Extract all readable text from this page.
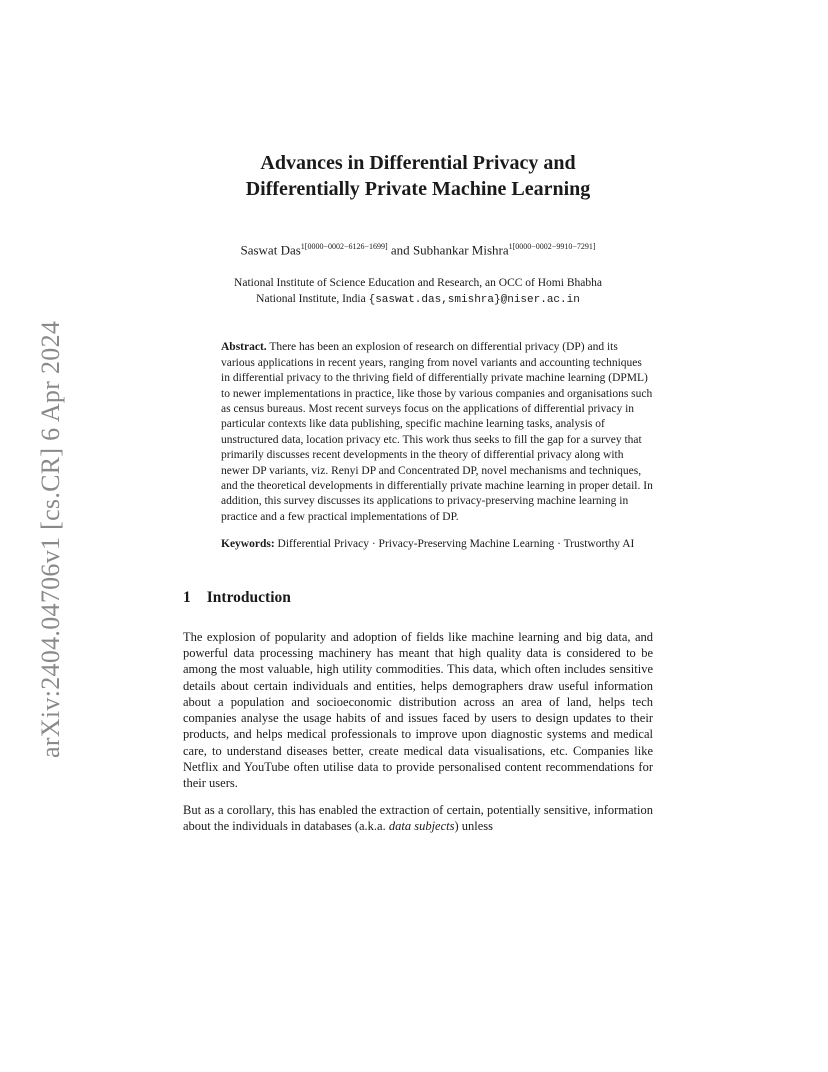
arXiv:2404.04706v1 [cs.CR] 6 Apr 2024
Advances in Differential Privacy and
Differentially Private Machine Learning
Saswat Das$^{1[0000-0002-6126-1699]}$ and Subhankar Mishra$^{1[0000-0002-9910-7291]}$
National Institute of Science Education and Research, an OCC of Homi Bhabha
National Institute, India {saswat.das,smishra}@niser.ac.in
Abstract. There has been an explosion of research on differential privacy (DP) and its various applications in recent years, ranging from novel variants and accounting techniques in differential privacy to the thriving field of differentially private machine learning (DPML) to newer implementations in practice, like those by various companies and organisations such as census bureaus. Most recent surveys focus on the applications of differential privacy in particular contexts like data publishing, specific machine learning tasks, analysis of unstructured data, location privacy etc. This work thus seeks to fill the gap for a survey that primarily discusses recent developments in the theory of differential privacy along with newer DP variants, viz. Renyi DP and Concentrated DP, novel mechanisms and techniques, and the theoretical developments in differentially private machine learning in proper detail. In addition, this survey discusses its applications to privacy-preserving machine learning in practice and a few practical implementations of DP.
Keywords: Differential Privacy · Privacy-Preserving Machine Learning · Trustworthy AI
1 Introduction

The explosion of popularity and adoption of fields like machine learning and big data, and powerful data processing machinery has meant that high quality data is considered to be among the most valuable, high utility commodities. This data, which often includes sensitive details about certain individuals and entities, helps demographers draw useful information about a population and socioeconomic distribution across an area of land, helps tech companies analyse the usage habits of and issues faced by users to design updates to their products, and helps medical professionals to improve upon diagnostic systems and medical care, to understand diseases better, create medical data visualisations, etc. Companies like Netflix and YouTube often utilise data to provide personalised content recommendations for their users.

But as a corollary, this has enabled the extraction of certain, potentially sensitive, information about the individuals in databases (a.k.a. data subjects) unless
